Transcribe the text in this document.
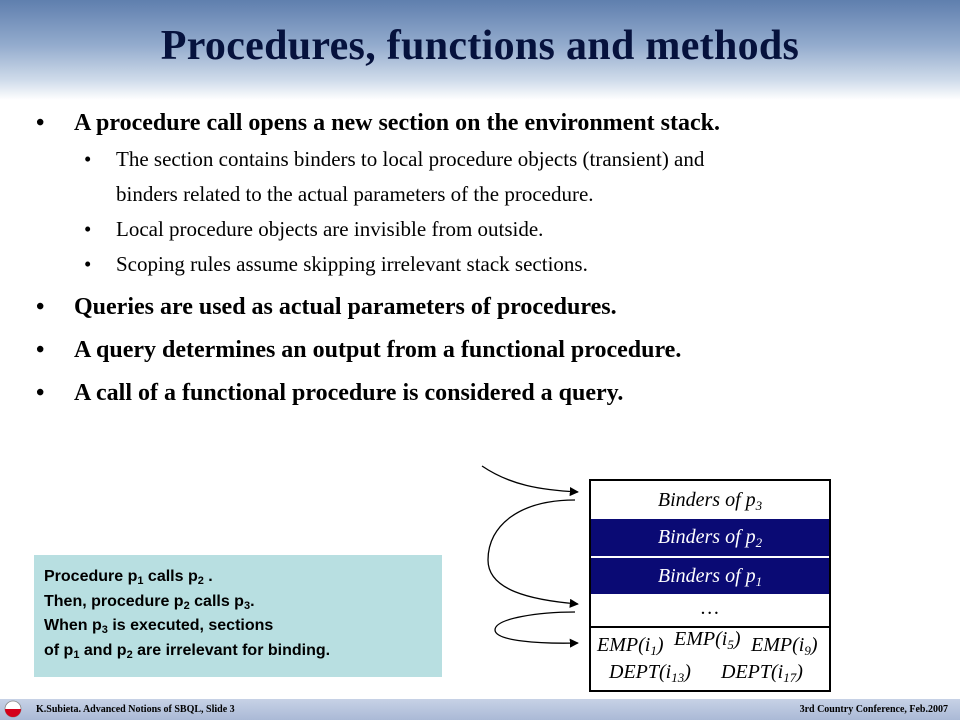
Procedures, functions and methods
• A procedure call opens a new section on the environment stack.
• The section contains binders to local procedure objects (transient) and
binders related to the actual parameters of the procedure.
• Local procedure objects are invisible from outside.
• Scoping rules assume skipping irrelevant stack sections.
• Queries are used as actual parameters of procedures.
• A query determines an output from a functional procedure.
• A call of a functional procedure is considered a query.
Procedure $p_1$ calls $p_2$ .
Then, procedure $p_2$ calls $p_3$.
When $p_3$ is executed, sections
of $p_1$ and $p_2$ are irrelevant for binding.
Binders of $p_3$
Binders of $p_2$
Binders of $p_1$
…
$EMP(i_1)$ $EMP(i_5)$ $EMP(i_9)$
$DEPT(i_{13})$ $DEPT(i_{17})$
K.Subieta. Advanced Notions of SBQL, Slide 3	3rd Country Conference, Feb.2007
